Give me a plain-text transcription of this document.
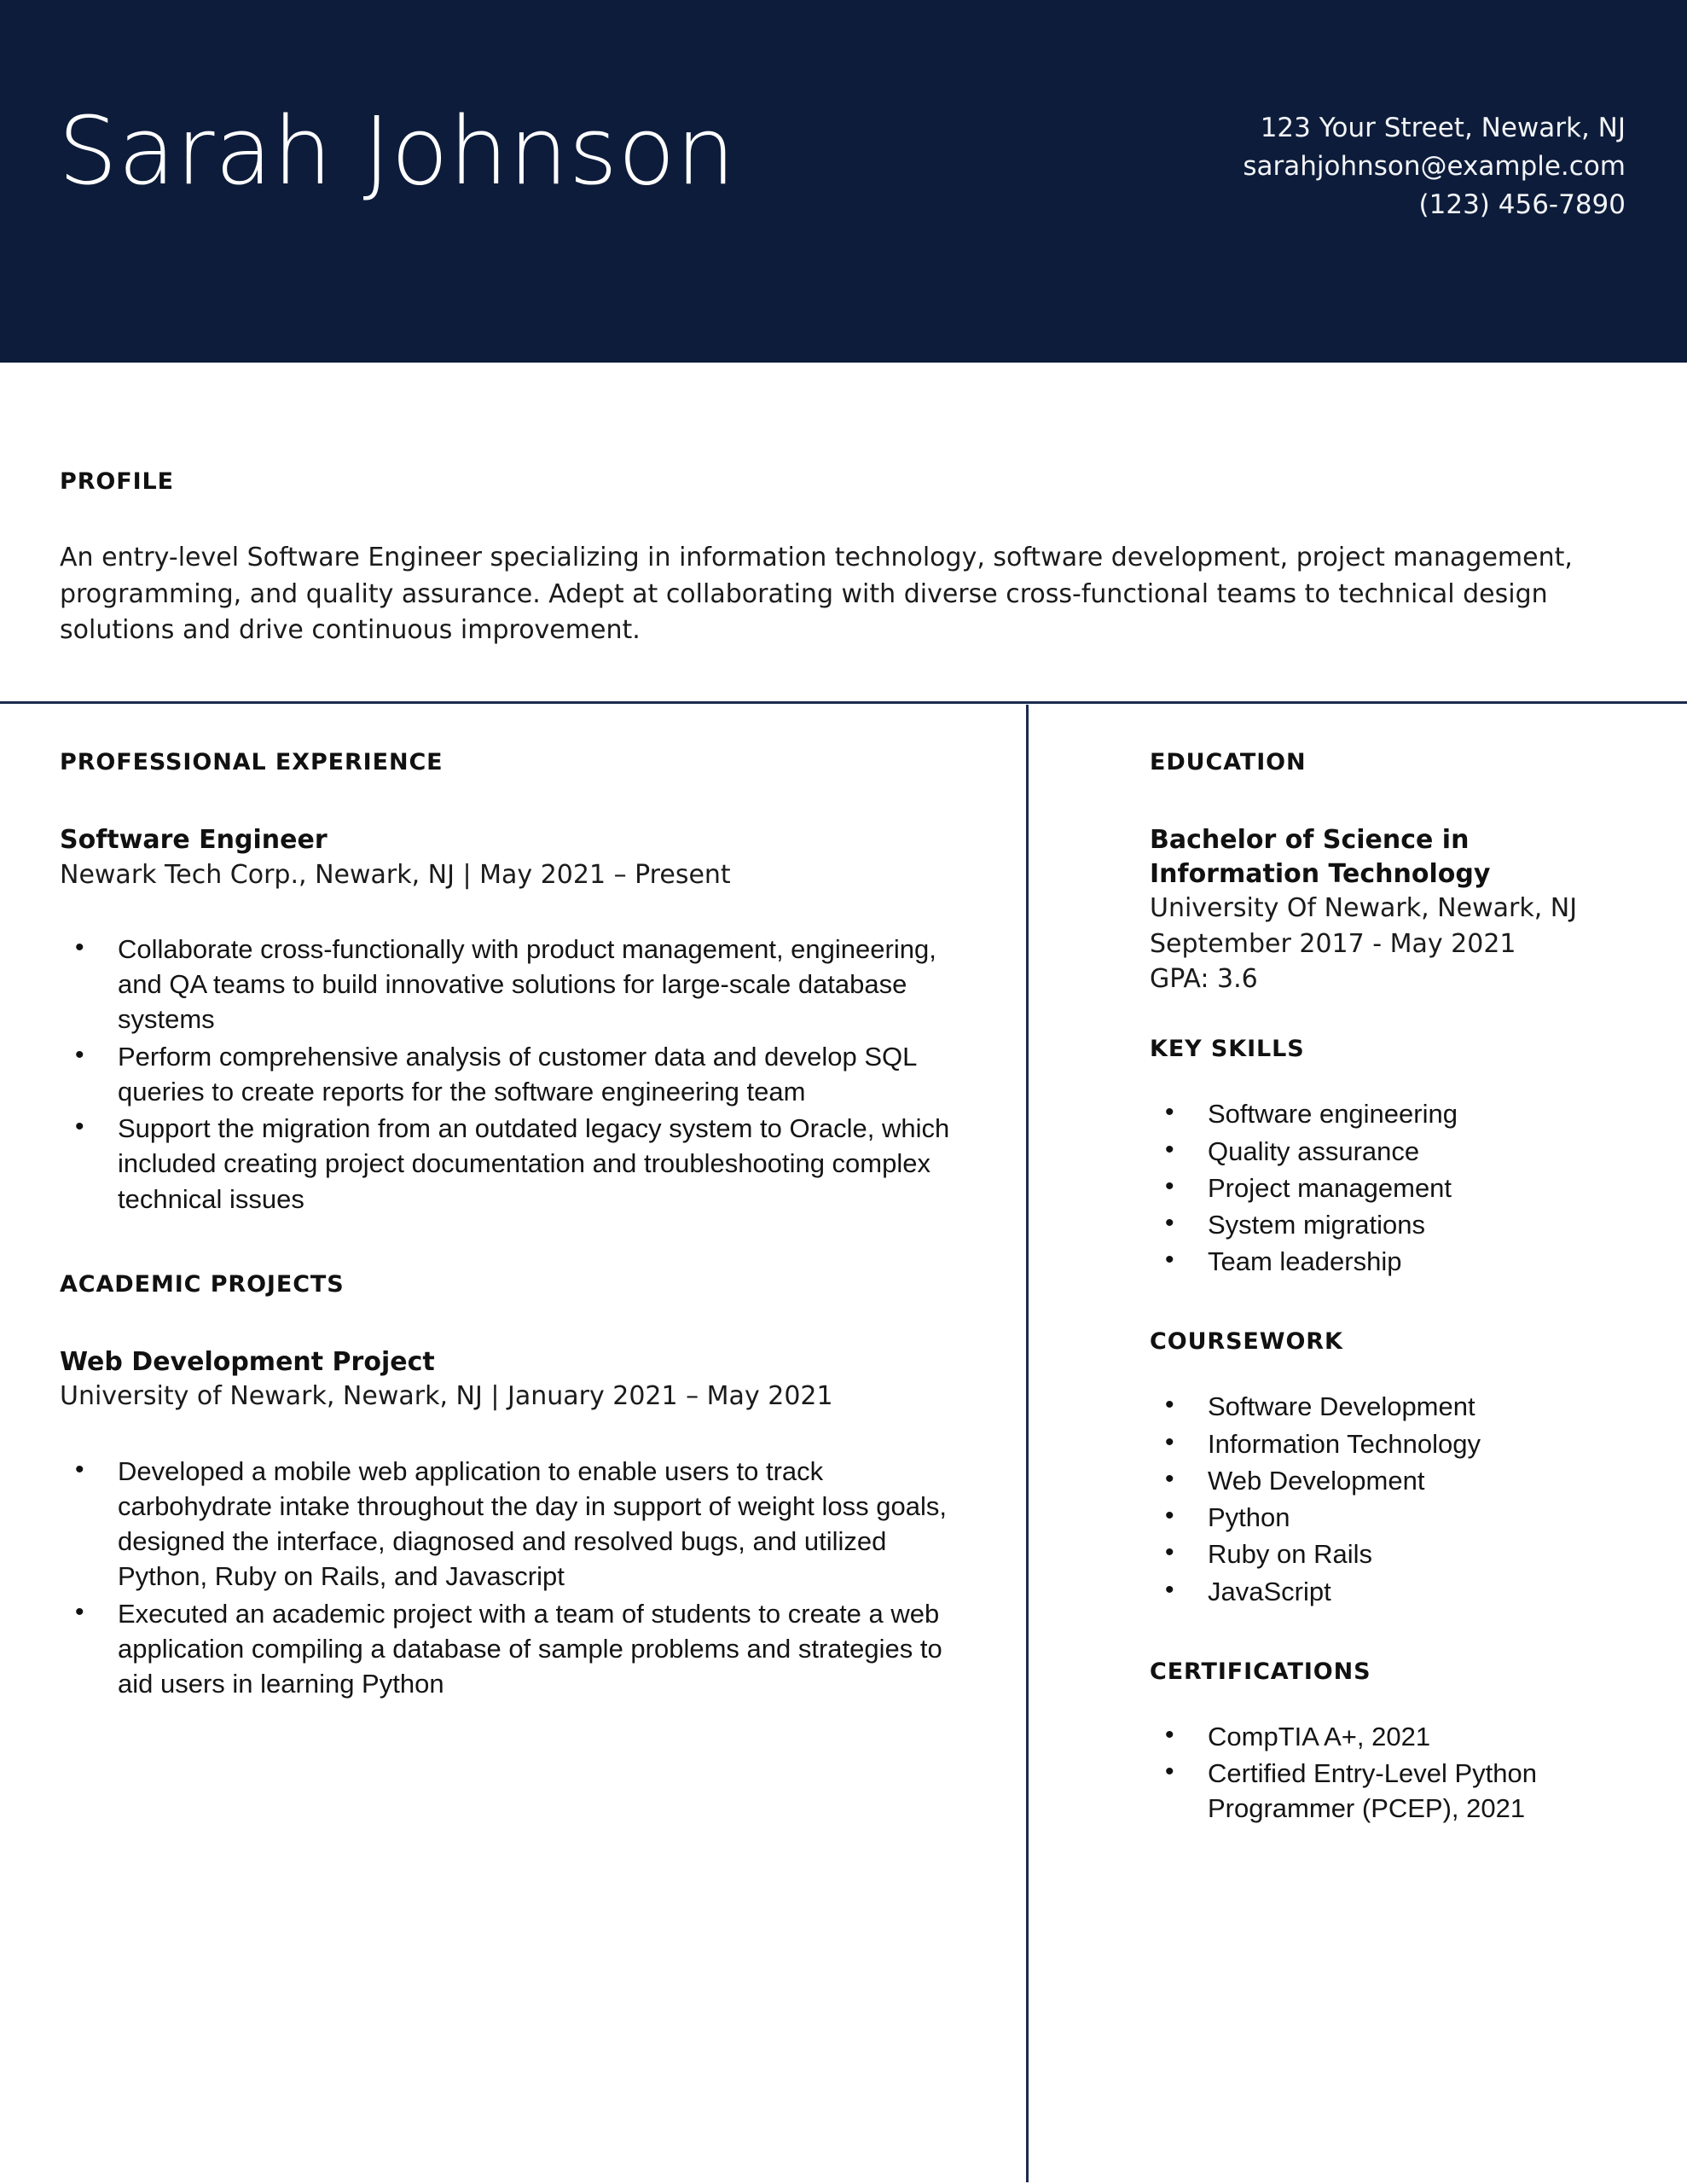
Sarah Johnson	123 Your Street, Newark, NJ
sarahjohnson@example.com
(123) 456-7890
PROFILE
An entry-level Software Engineer specializing in information technology, software development, project management, programming, and quality assurance. Adept at collaborating with diverse cross-functional teams to technical design solutions and drive continuous improvement.
PROFESSIONAL EXPERIENCE
Software Engineer
Newark Tech Corp., Newark, NJ | May 2021 – Present
• Collaborate cross-functionally with product management, engineering, and QA teams to build innovative solutions for large-scale database systems
• Perform comprehensive analysis of customer data and develop SQL queries to create reports for the software engineering team
• Support the migration from an outdated legacy system to Oracle, which included creating project documentation and troubleshooting complex technical issues
ACADEMIC PROJECTS
Web Development Project
University of Newark, Newark, NJ | January 2021 – May 2021
• Developed a mobile web application to enable users to track carbohydrate intake throughout the day in support of weight loss goals, designed the interface, diagnosed and resolved bugs, and utilized Python, Ruby on Rails, and Javascript
• Executed an academic project with a team of students to create a web application compiling a database of sample problems and strategies to aid users in learning Python
EDUCATION
Bachelor of Science in Information Technology
University Of Newark, Newark, NJ
September 2017 - May 2021
GPA: 3.6
KEY SKILLS
• Software engineering
• Quality assurance
• Project management
• System migrations
• Team leadership
COURSEWORK
• Software Development
• Information Technology
• Web Development
• Python
• Ruby on Rails
• JavaScript
CERTIFICATIONS
• CompTIA A+, 2021
• Certified Entry-Level Python Programmer (PCEP), 2021
